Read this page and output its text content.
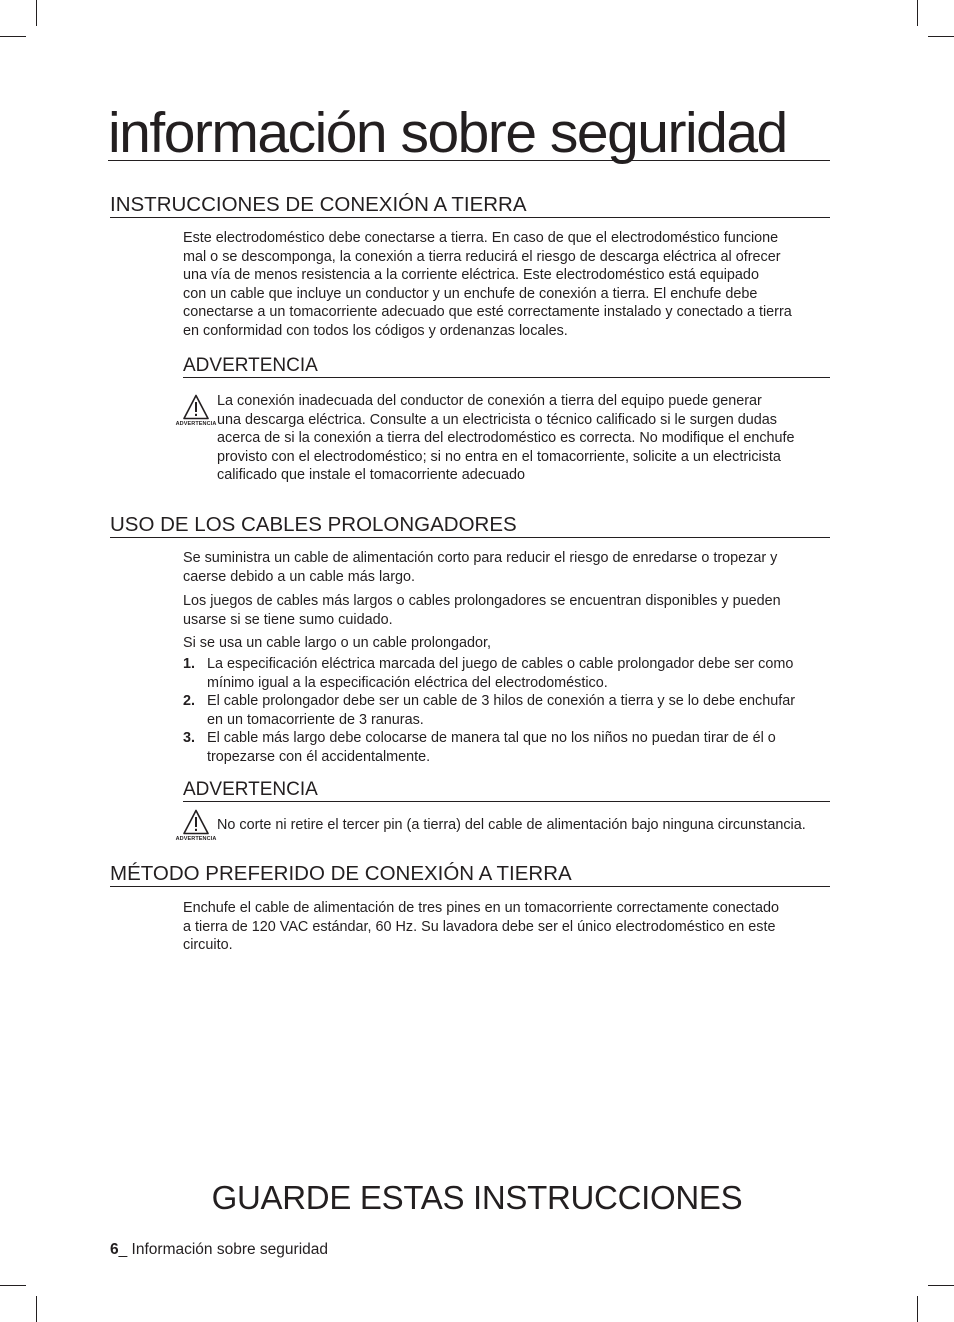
información sobre seguridad
INSTRUCCIONES DE CONEXIÓN A TIERRA
Este electrodoméstico debe conectarse a tierra. En caso de que el electrodoméstico funcione
mal o se descomponga, la conexión a tierra reducirá el riesgo de descarga eléctrica al ofrecer
una vía de menos resistencia a la corriente eléctrica. Este electrodoméstico está equipado
con un cable que incluye un conductor y un enchufe de conexión a tierra. El enchufe debe
conectarse a un tomacorriente adecuado que esté correctamente instalado y conectado a tierra
en conformidad con todos los códigos y ordenanzas locales.
ADVERTENCIA
ADVERTENCIA
La conexión inadecuada del conductor de conexión a tierra del equipo puede generar
una descarga eléctrica. Consulte a un electricista o técnico calificado si le surgen dudas
acerca de si la conexión a tierra del electrodoméstico es correcta. No modifique el enchufe
provisto con el electrodoméstico; si no entra en el tomacorriente, solicite a un electricista
calificado que instale el tomacorriente adecuado
USO DE LOS CABLES PROLONGADORES
Se suministra un cable de alimentación corto para reducir el riesgo de enredarse o tropezar y
caerse debido a un cable más largo.
Los juegos de cables más largos o cables prolongadores se encuentran disponibles y pueden
usarse si se tiene sumo cuidado.
Si se usa un cable largo o un cable prolongador,
1. La especificación eléctrica marcada del juego de cables o cable prolongador debe ser como
mínimo igual a la especificación eléctrica del electrodoméstico.
2. El cable prolongador debe ser un cable de 3 hilos de conexión a tierra y se lo debe enchufar
en un tomacorriente de 3 ranuras.
3. El cable más largo debe colocarse de manera tal que no los niños no puedan tirar de él o
tropezarse con él accidentalmente.
ADVERTENCIA
ADVERTENCIA
No corte ni retire el tercer pin (a tierra) del cable de alimentación bajo ninguna circunstancia.
MÉTODO PREFERIDO DE CONEXIÓN A TIERRA
Enchufe el cable de alimentación de tres pines en un tomacorriente correctamente conectado
a tierra de 120 VAC estándar, 60 Hz. Su lavadora debe ser el único electrodoméstico en este
circuito.
GUARDE ESTAS INSTRUCCIONES
6_ Información sobre seguridad
